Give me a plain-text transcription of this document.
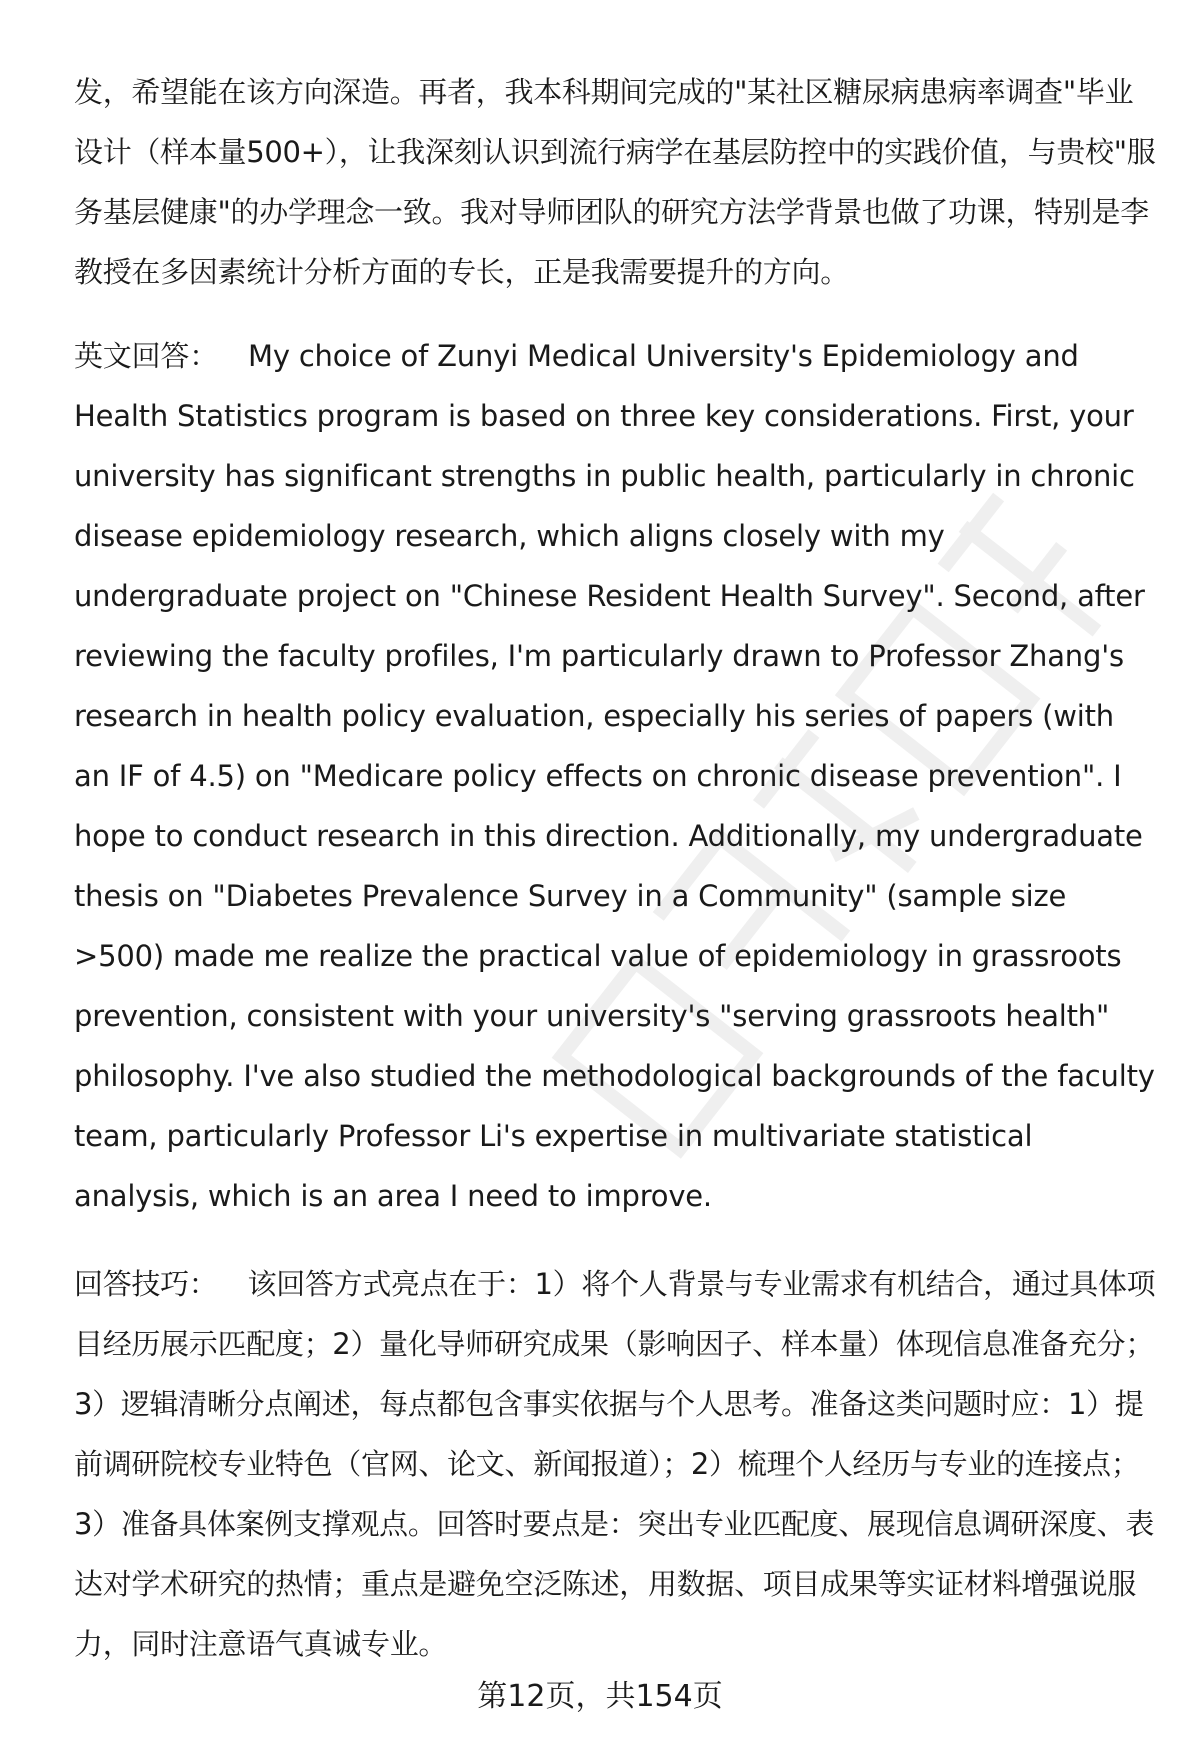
发，希望能在该方向深造。再者，我本科期间完成的"某社区糖尿病患病率调查"毕业设计（样本量500+），让我深刻认识到流行病学在基层防控中的实践价值，与贵校"服务基层健康"的办学理念一致。我对导师团队的研究方法学背景也做了功课，特别是李教授在多因素统计分析方面的专长，正是我需要提升的方向。

英文回答： My choice of Zunyi Medical University's Epidemiology and Health Statistics program is based on three key considerations. First, your university has significant strengths in public health, particularly in chronic disease epidemiology research, which aligns closely with my undergraduate project on "Chinese Resident Health Survey". Second, after reviewing the faculty profiles, I'm particularly drawn to Professor Zhang's research in health policy evaluation, especially his series of papers (with an IF of 4.5) on "Medicare policy effects on chronic disease prevention". I hope to conduct research in this direction. Additionally, my undergraduate thesis on "Diabetes Prevalence Survey in a Community" (sample size >500) made me realize the practical value of epidemiology in grassroots prevention, consistent with your university's "serving grassroots health" philosophy. I've also studied the methodological backgrounds of the faculty team, particularly Professor Li's expertise in multivariate statistical analysis, which is an area I need to improve.

回答技巧： 该回答方式亮点在于：1）将个人背景与专业需求有机结合，通过具体项目经历展示匹配度；2）量化导师研究成果（影响因子、样本量）体现信息准备充分；3）逻辑清晰分点阐述，每点都包含事实依据与个人思考。准备这类问题时应：1）提前调研院校专业特色（官网、论文、新闻报道）；2）梳理个人经历与专业的连接点；3）准备具体案例支撑观点。回答时要点是：突出专业匹配度、展现信息调研深度、表达对学术研究的热情；重点是避免空泛陈述，用数据、项目成果等实证材料增强说服力，同时注意语气真诚专业。

第12页，共154页
